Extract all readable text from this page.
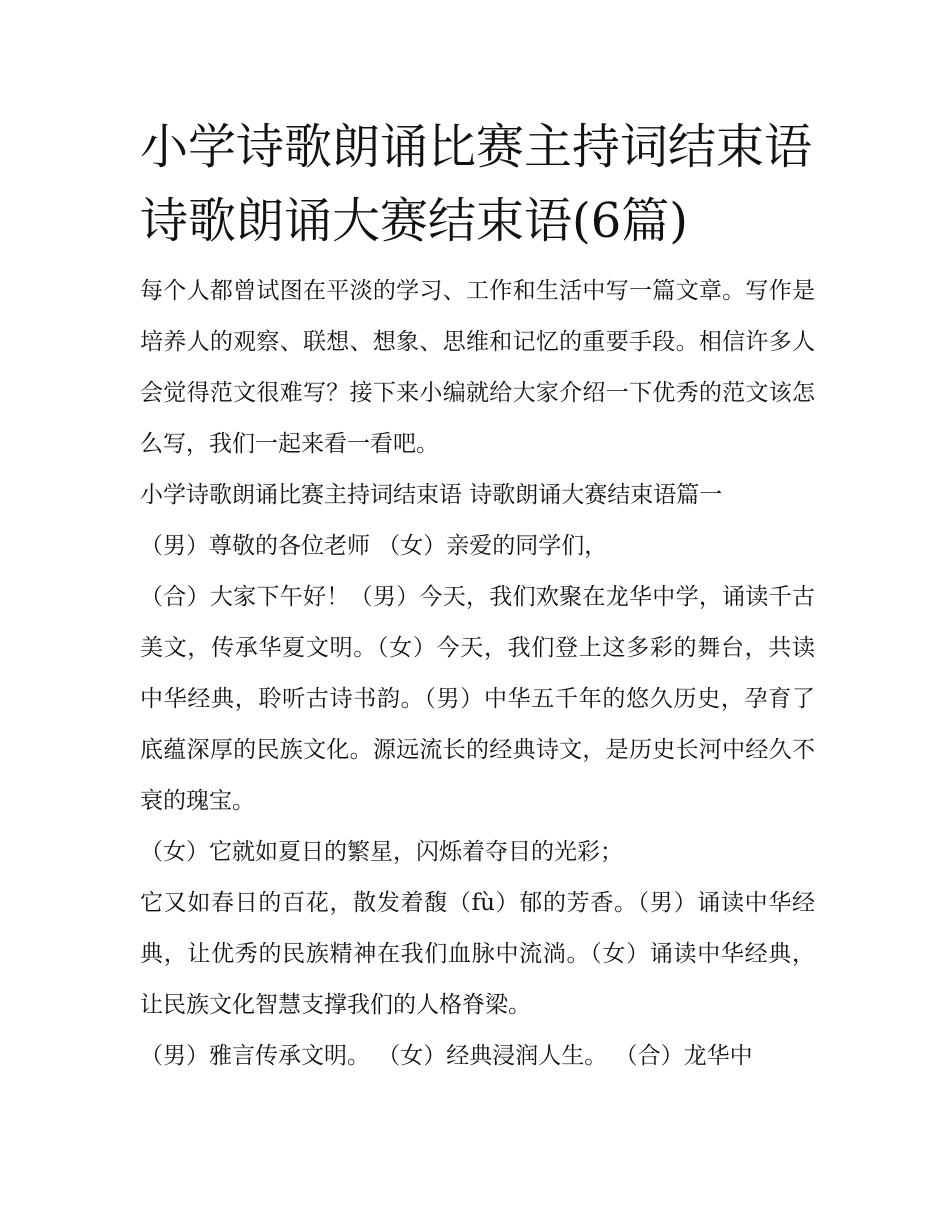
小学诗歌朗诵比赛主持词结束语 诗歌朗诵大赛结束语(6篇)

每个人都曾试图在平淡的学习、工作和生活中写一篇文章。写作是培养人的观察、联想、想象、思维和记忆的重要手段。相信许多人会觉得范文很难写？接下来小编就给大家介绍一下优秀的范文该怎么写，我们一起来看一看吧。

小学诗歌朗诵比赛主持词结束语 诗歌朗诵大赛结束语篇一

（男）尊敬的各位老师 （女）亲爱的同学们，

（合）大家下午好！（男）今天，我们欢聚在龙华中学，诵读千古美文，传承华夏文明。（女）今天，我们登上这多彩的舞台，共读中华经典，聆听古诗书韵。（男）中华五千年的悠久历史，孕育了底蕴深厚的民族文化。源远流长的经典诗文，是历史长河中经久不衰的瑰宝。

（女）它就如夏日的繁星，闪烁着夺目的光彩；

它又如春日的百花，散发着馥（fù）郁的芳香。（男）诵读中华经典，让优秀的民族精神在我们血脉中流淌。（女）诵读中华经典，让民族文化智慧支撑我们的人格脊梁。

（男）雅言传承文明。 （女）经典浸润人生。 （合）龙华中
